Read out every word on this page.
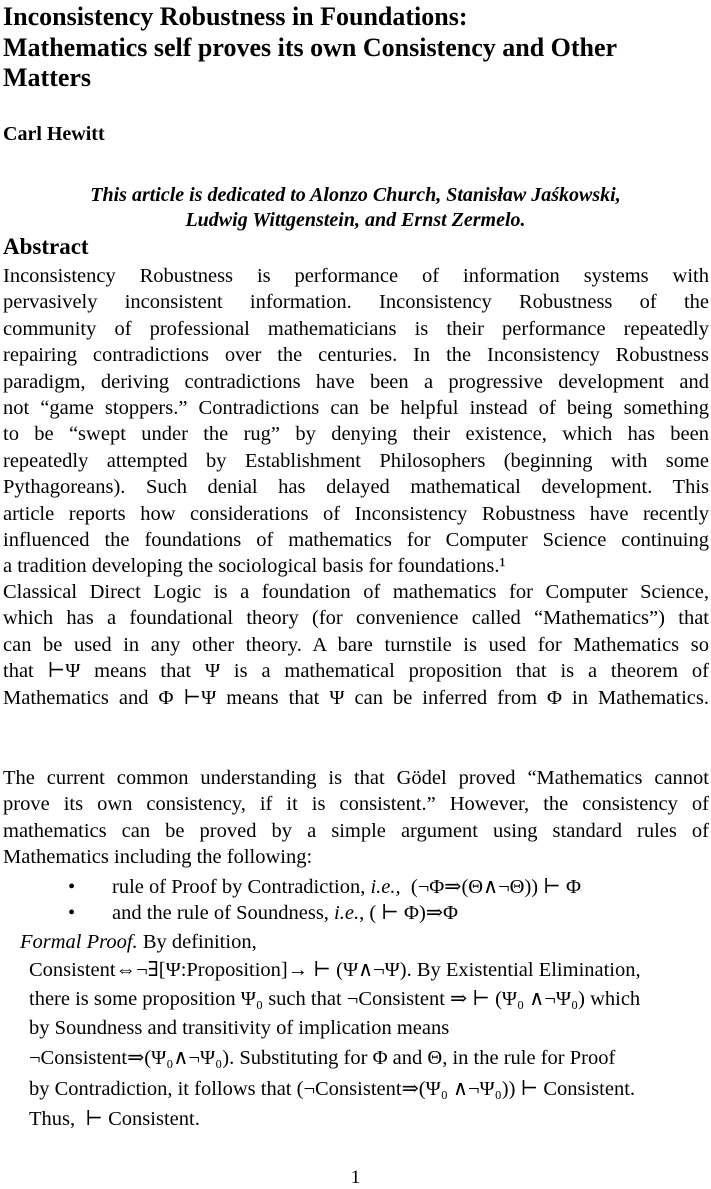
Inconsistency Robustness in Foundations:
Mathematics self proves its own Consistency and Other
Matters
Carl Hewitt
This article is dedicated to Alonzo Church, Stanisław Jaśkowski,
Ludwig Wittgenstein, and Ernst Zermelo.
Abstract
Inconsistency Robustness is performance of information systems with
pervasively inconsistent information. Inconsistency Robustness of the
community of professional mathematicians is their performance repeatedly
repairing contradictions over the centuries. In the Inconsistency Robustness
paradigm, deriving contradictions have been a progressive development and
not “game stoppers.” Contradictions can be helpful instead of being something
to be “swept under the rug” by denying their existence, which has been
repeatedly attempted by Establishment Philosophers (beginning with some
Pythagoreans). Such denial has delayed mathematical development. This
article reports how considerations of Inconsistency Robustness have recently
influenced the foundations of mathematics for Computer Science continuing
a tradition developing the sociological basis for foundations.¹
Classical Direct Logic is a foundation of mathematics for Computer Science,
which has a foundational theory (for convenience called “Mathematics”) that
can be used in any other theory. A bare turnstile is used for Mathematics so
that ⊢Ψ means that Ψ is a mathematical proposition that is a theorem of
Mathematics and Φ ⊢Ψ means that Ψ can be inferred from Φ in Mathematics.
The current common understanding is that Gödel proved “Mathematics cannot
prove its own consistency, if it is consistent.” However, the consistency of
mathematics can be proved by a simple argument using standard rules of
Mathematics including the following:
• rule of Proof by Contradiction, i.e.,  (¬Φ⇒(Θ∧¬Θ)) ⊢ Φ
• and the rule of Soundness, i.e., ( ⊢ Φ)⇒Φ
Formal Proof. By definition,
Consistent⇔¬∃[Ψ:Proposition]→ ⊢ (Ψ∧¬Ψ). By Existential Elimination,
there is some proposition Ψ₀ such that ¬Consistent ⇒ ⊢ (Ψ₀ ∧¬Ψ₀) which
by Soundness and transitivity of implication means
¬Consistent⇒(Ψ₀∧¬Ψ₀). Substituting for Φ and Θ, in the rule for Proof
by Contradiction, it follows that (¬Consistent⇒(Ψ₀ ∧¬Ψ₀)) ⊢ Consistent.
Thus,  ⊢ Consistent.
1
